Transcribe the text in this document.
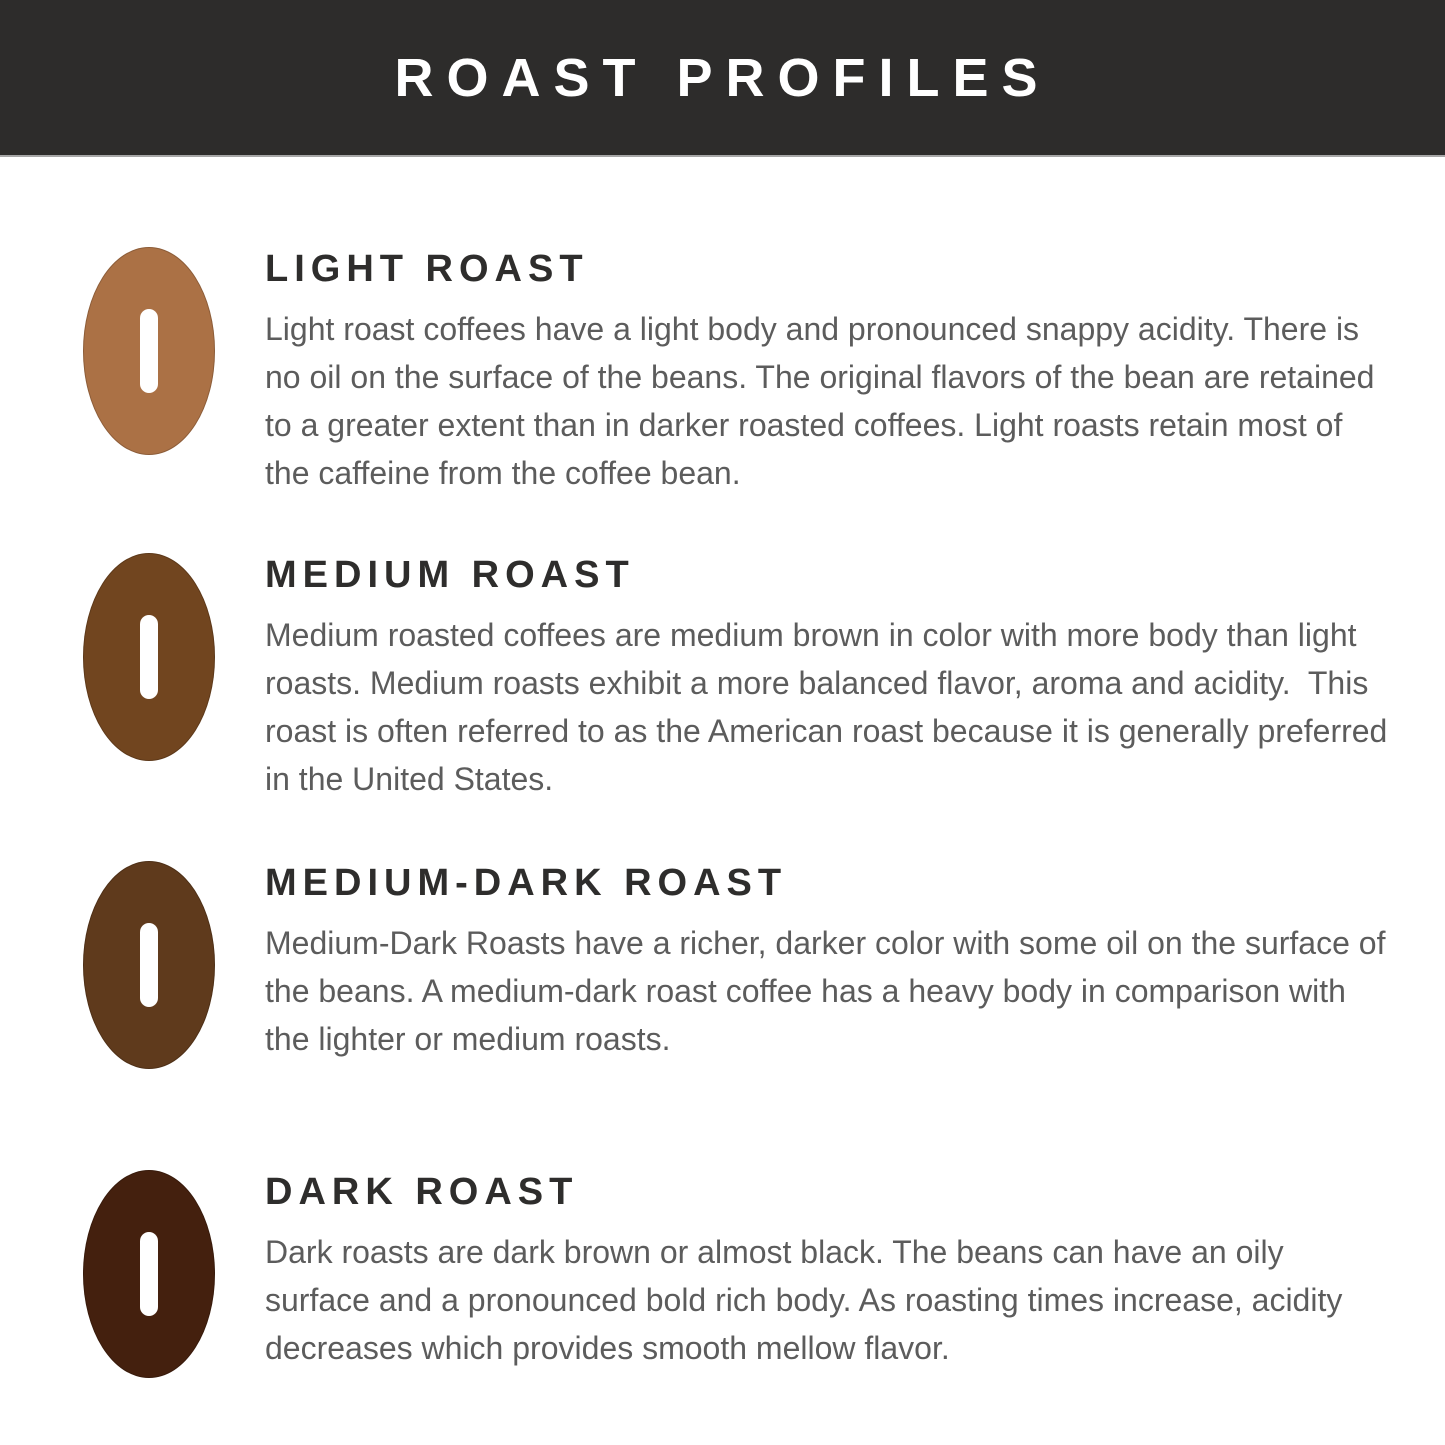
ROAST PROFILES
LIGHT ROAST

Light roast coffees have a light body and pronounced snappy acidity. There is no oil on the surface of the beans. The original flavors of the bean are retained to a greater extent than in darker roasted coffees. Light roasts retain most of the caffeine from the coffee bean.

MEDIUM ROAST

Medium roasted coffees are medium brown in color with more body than light roasts. Medium roasts exhibit a more balanced flavor, aroma and acidity.  This roast is often referred to as the American roast because it is generally preferred in the United States.

MEDIUM-DARK ROAST

Medium-Dark Roasts have a richer, darker color with some oil on the surface of the beans. A medium-dark roast coffee has a heavy body in comparison with the lighter or medium roasts.

DARK ROAST

Dark roasts are dark brown or almost black. The beans can have an oily surface and a pronounced bold rich body. As roasting times increase, acidity decreases which provides smooth mellow flavor.
